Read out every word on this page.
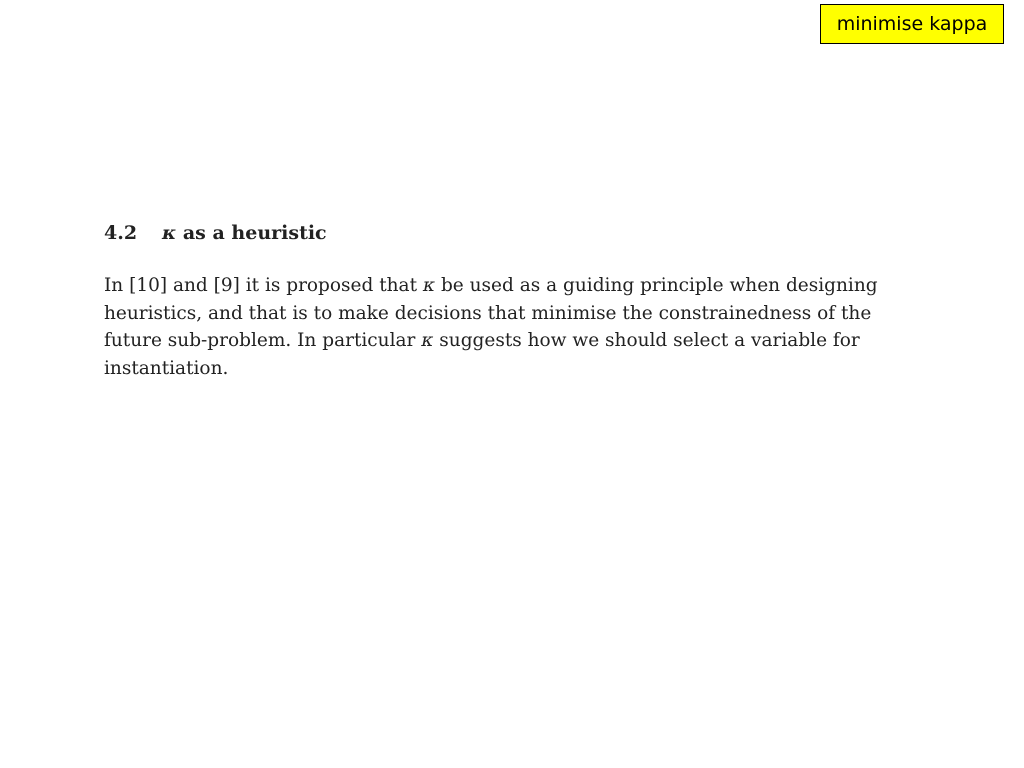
minimise kappa
4.2 κ as a heuristic
In [10] and [9] it is proposed that κ be used as a guiding principle when designing
heuristics, and that is to make decisions that minimise the constrainedness of the
future sub-problem. In particular κ suggests how we should select a variable for
instantiation.
